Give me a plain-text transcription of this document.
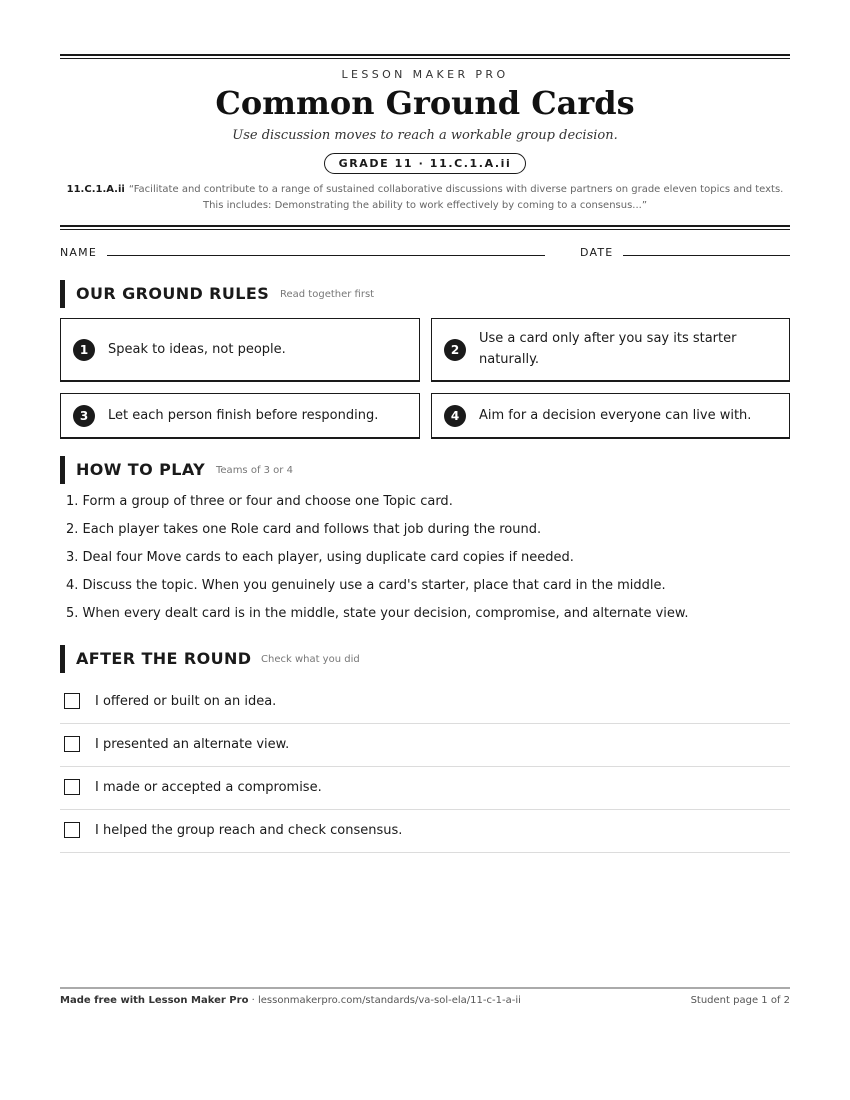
LESSON MAKER PRO
Common Ground Cards
Use discussion moves to reach a workable group decision.
GRADE 11 · 11.C.1.A.ii
11.C.1.A.ii “Facilitate and contribute to a range of sustained collaborative discussions with diverse partners on grade eleven topics and texts.
This includes: Demonstrating the ability to work effectively by coming to a consensus...”
NAME	DATE
OUR GROUND RULES Read together first
1	Speak to ideas, not people.	2
Use a card only after you say its starter naturally.
3	Let each person finish before responding.	4	Aim for a decision everyone can live with.
HOW TO PLAY Teams of 3 or 4
1. Form a group of three or four and choose one Topic card.
2. Each player takes one Role card and follows that job during the round.
3. Deal four Move cards to each player, using duplicate card copies if needed.
4. Discuss the topic. When you genuinely use a card's starter, place that card in the middle.
5. When every dealt card is in the middle, state your decision, compromise, and alternate view.
AFTER THE ROUND Check what you did
I offered or built on an idea.
I presented an alternate view.
I made or accepted a compromise.
I helped the group reach and check consensus.
Made free with Lesson Maker Pro · lessonmakerpro.com/standards/va-sol-ela/11-c-1-a-ii	Student page 1 of 2
